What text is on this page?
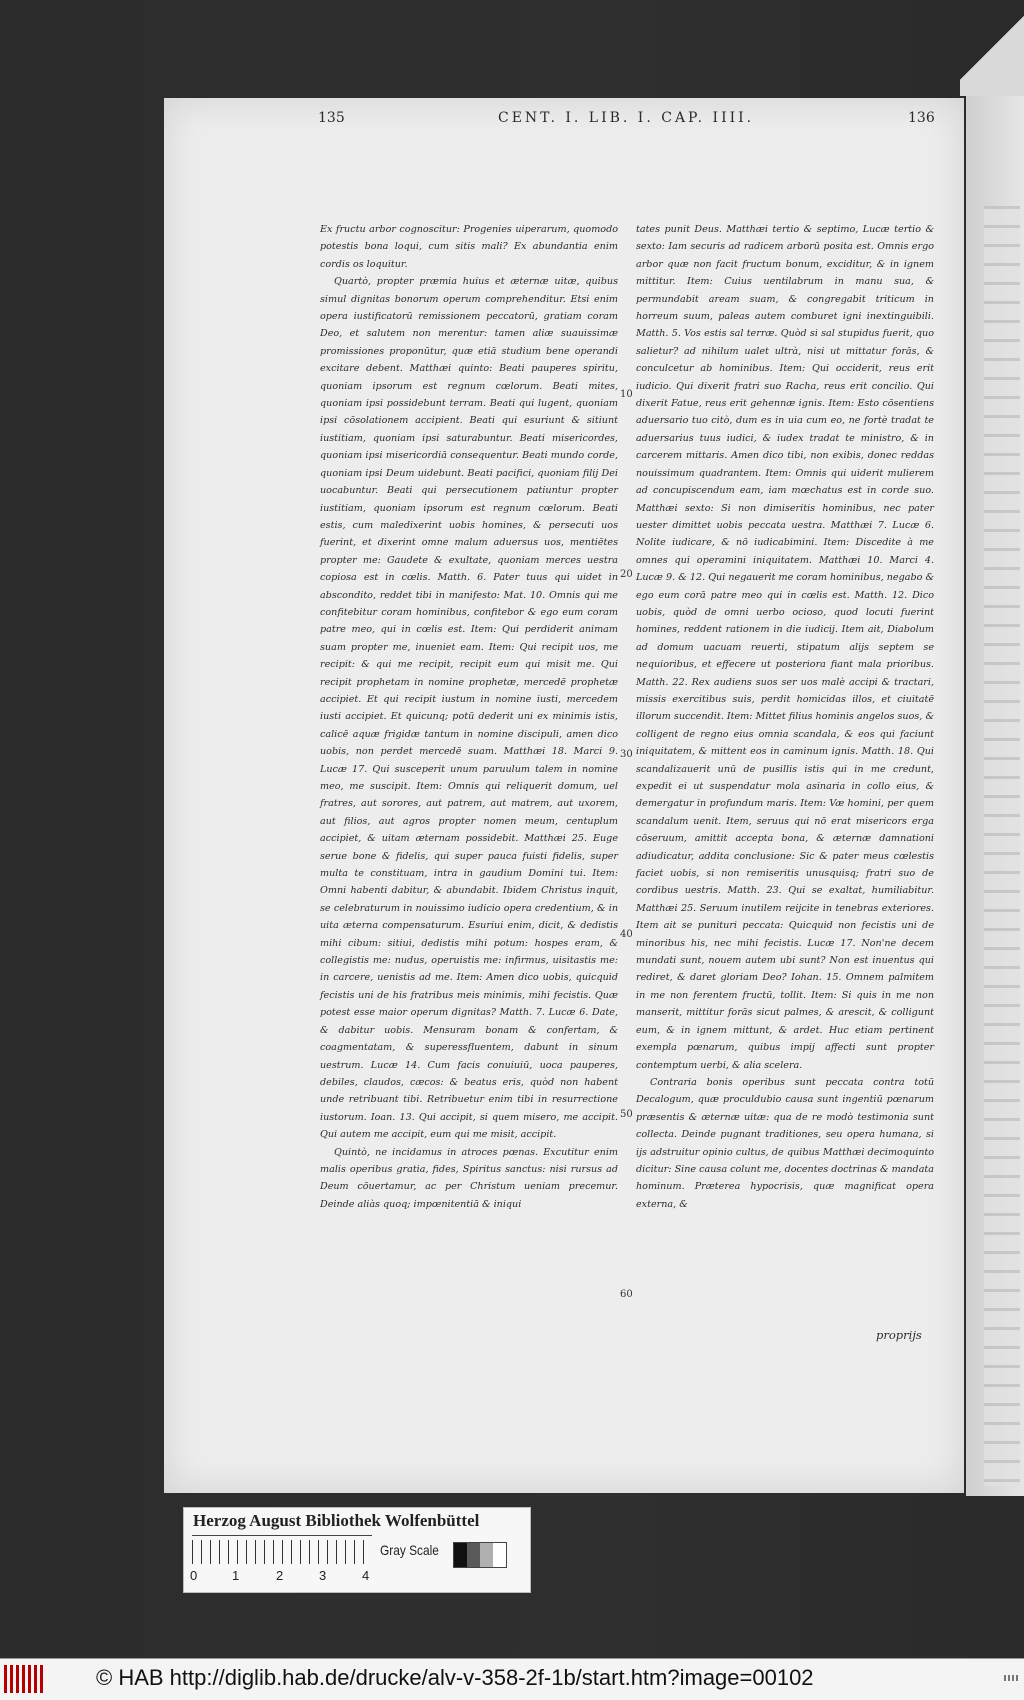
135	CENT. I. LIB. I. CAP. IIII.	136

Ex fructu arbor cognoscitur: Progenies uiperarum, quomodo potestis bona loqui, cum sitis mali? Ex abundantia enim cordis os loquitur.

Quartò, propter præmia huius et æternæ uitæ, quibus simul dignitas bonorum operum comprehenditur. Etsi enim opera iustificatorū remissionem peccatorū, gratiam coram Deo, et salutem non merentur: tamen aliæ suauissimæ promissiones proponūtur, quæ etiā studium bene operandi excitare debent. Matthæi quinto: Beati pauperes spiritu, quoniam ipsorum est regnum cœlorum. Beati mites, quoniam ipsi possidebunt terram. Beati qui lugent, quoniam ipsi cōsolationem accipient. Beati qui esuriunt & sitiunt iustitiam, quoniam ipsi saturabuntur. Beati misericordes, quoniam ipsi misericordiā consequentur. Beati mundo corde, quoniam ipsi Deum uidebunt. Beati pacifici, quoniam filij Dei uocabuntur. Beati qui persecutionem patiuntur propter iustitiam, quoniam ipsorum est regnum cœlorum. Beati estis, cum maledixerint uobis homines, & persecuti uos fuerint, et dixerint omne malum aduersus uos, mentiētes propter me: Gaudete & exultate, quoniam merces uestra copiosa est in cœlis. Matth. 6. Pater tuus qui uidet in abscondito, reddet tibi in manifesto: Mat. 10. Omnis qui me confitebitur coram hominibus, confitebor & ego eum coram patre meo, qui in cœlis est. Item: Qui perdiderit animam suam propter me, inueniet eam. Item: Qui recipit uos, me recipit: & qui me recipit, recipit eum qui misit me. Qui recipit prophetam in nomine prophetæ, mercedē prophetæ accipiet. Et qui recipit iustum in nomine iusti, mercedem iusti accipiet. Et quicunq; potū dederit uni ex minimis istis, calicē aquæ frigidæ tantum in nomine discipuli, amen dico uobis, non perdet mercedē suam. Matthæi 18. Marci 9. Lucæ 17. Qui susceperit unum paruulum talem in nomine meo, me suscipit. Item: Omnis qui reliquerit domum, uel fratres, aut sorores, aut patrem, aut matrem, aut uxorem, aut filios, aut agros propter nomen meum, centuplum accipiet, & uitam æternam possidebit. Matthæi 25. Euge serue bone & fidelis, qui super pauca fuisti fidelis, super multa te constituam, intra in gaudium Domini tui. Item: Omni habenti dabitur, & abundabit. Ibidem Christus inquit, se celebraturum in nouissimo iudicio opera credentium, & in uita æterna compensaturum. Esuriui enim, dicit, & dedistis mihi cibum: sitiui, dedistis mihi potum: hospes eram, & collegistis me: nudus, operuistis me: infirmus, uisitastis me: in carcere, uenistis ad me. Item: Amen dico uobis, quicquid fecistis uni de his fratribus meis minimis, mihi fecistis. Quæ potest esse maior operum dignitas? Matth. 7. Lucæ 6. Date, & dabitur uobis. Mensuram bonam & confertam, & coagmentatam, & superessfluentem, dabunt in sinum uestrum. Lucæ 14. Cum facis conuiuiū, uoca pauperes, debiles, claudos, cæcos: & beatus eris, quòd non habent unde retribuant tibi. Retribuetur enim tibi in resurrectione iustorum. Ioan. 13. Qui accipit, si quem misero, me accipit. Qui autem me accipit, eum qui me misit, accipit.

Quintò, ne incidamus in atroces pœnas. Excutitur enim malis operibus gratia, fides, Spiritus sanctus: nisi rursus ad Deum cōuertamur, ac per Christum ueniam precemur. Deinde aliàs quoq; impœnitentiā & iniqui

10
20
30
40
50
60

tates punit Deus. Matthæi tertio & septimo, Lucæ tertio & sexto: Iam securis ad radicem arborū posita est. Omnis ergo arbor quæ non facit fructum bonum, exciditur, & in ignem mittitur. Item: Cuius uentilabrum in manu sua, & permundabit aream suam, & congregabit triticum in horreum suum, paleas autem comburet igni inextinguibili. Matth. 5. Vos estis sal terræ. Quòd si sal stupidus fuerit, quo salietur? ad nihilum ualet ultrà, nisi ut mittatur forās, & conculcetur ab hominibus. Item: Qui occiderit, reus erit iudicio. Qui dixerit fratri suo Racha, reus erit concilio. Qui dixerit Fatue, reus erit gehennæ ignis. Item: Esto cōsentiens aduersario tuo citò, dum es in uia cum eo, ne fortè tradat te aduersarius tuus iudici, & iudex tradat te ministro, & in carcerem mittaris. Amen dico tibi, non exibis, donec reddas nouissimum quadrantem. Item: Omnis qui uiderit mulierem ad concupiscendum eam, iam mœchatus est in corde suo. Matthæi sexto: Si non dimiseritis hominibus, nec pater uester dimittet uobis peccata uestra. Matthæi 7. Lucæ 6. Nolite iudicare, & nō iudicabimini. Item: Discedite à me omnes qui operamini iniquitatem. Matthæi 10. Marci 4. Lucæ 9. & 12. Qui negauerit me coram hominibus, negabo & ego eum corā patre meo qui in cœlis est. Matth. 12. Dico uobis, quòd de omni uerbo ocioso, quod locuti fuerint homines, reddent rationem in die iudicij. Item ait, Diabolum ad domum uacuam reuerti, stipatum alijs septem se nequioribus, et effecere ut posteriora fiant mala prioribus. Matth. 22. Rex audiens suos ser uos malè accipi & tractari, missis exercitibus suis, perdit homicidas illos, et ciuitatē illorum succendit. Item: Mittet filius hominis angelos suos, & colligent de regno eius omnia scandala, & eos qui faciunt iniquitatem, & mittent eos in caminum ignis. Matth. 18. Qui scandalizauerit unū de pusillis istis qui in me credunt, expedit ei ut suspendatur mola asinaria in collo eius, & demergatur in profundum maris. Item: Væ homini, per quem scandalum uenit. Item, seruus qui nō erat misericors erga cōseruum, amittit accepta bona, & æternæ damnationi adiudicatur, addita conclusione: Sic & pater meus cœlestis faciet uobis, si non remiseritis unusquisq; fratri suo de cordibus uestris. Matth. 23. Qui se exaltat, humiliabitur. Matthæi 25. Seruum inutilem reijcite in tenebras exteriores. Item ait se punituri peccata: Quicquid non fecistis uni de minoribus his, nec mihi fecistis. Lucæ 17. Non'ne decem mundati sunt, nouem autem ubi sunt? Non est inuentus qui rediret, & daret gloriam Deo? Iohan. 15. Omnem palmitem in me non ferentem fructū, tollit. Item: Si quis in me non manserit, mittitur forās sicut palmes, & arescit, & colligunt eum, & in ignem mittunt, & ardet. Huc etiam pertinent exempla pœnarum, quibus impij affecti sunt propter contemptum uerbi, & alia scelera.

Contraria bonis operibus sunt peccata contra totū Decalogum, quæ proculdubio causa sunt ingentiū pœnarum præsentis & æternæ uitæ: qua de re modò testimonia sunt collecta. Deinde pugnant traditiones, seu opera humana, si ijs adstruitur opinio cultus, de quibus Matthæi decimoquinto dicitur: Sine causa colunt me, docentes doctrinas & mandata hominum. Præterea hypocrisis, quæ magnificat opera externa, &

proprijs
Herzog August Bibliothek Wolfenbüttel
0	1	2	3	4
Gray Scale
© HAB http://diglib.hab.de/drucke/alv-v-358-2f-1b/start.htm?image=00102
